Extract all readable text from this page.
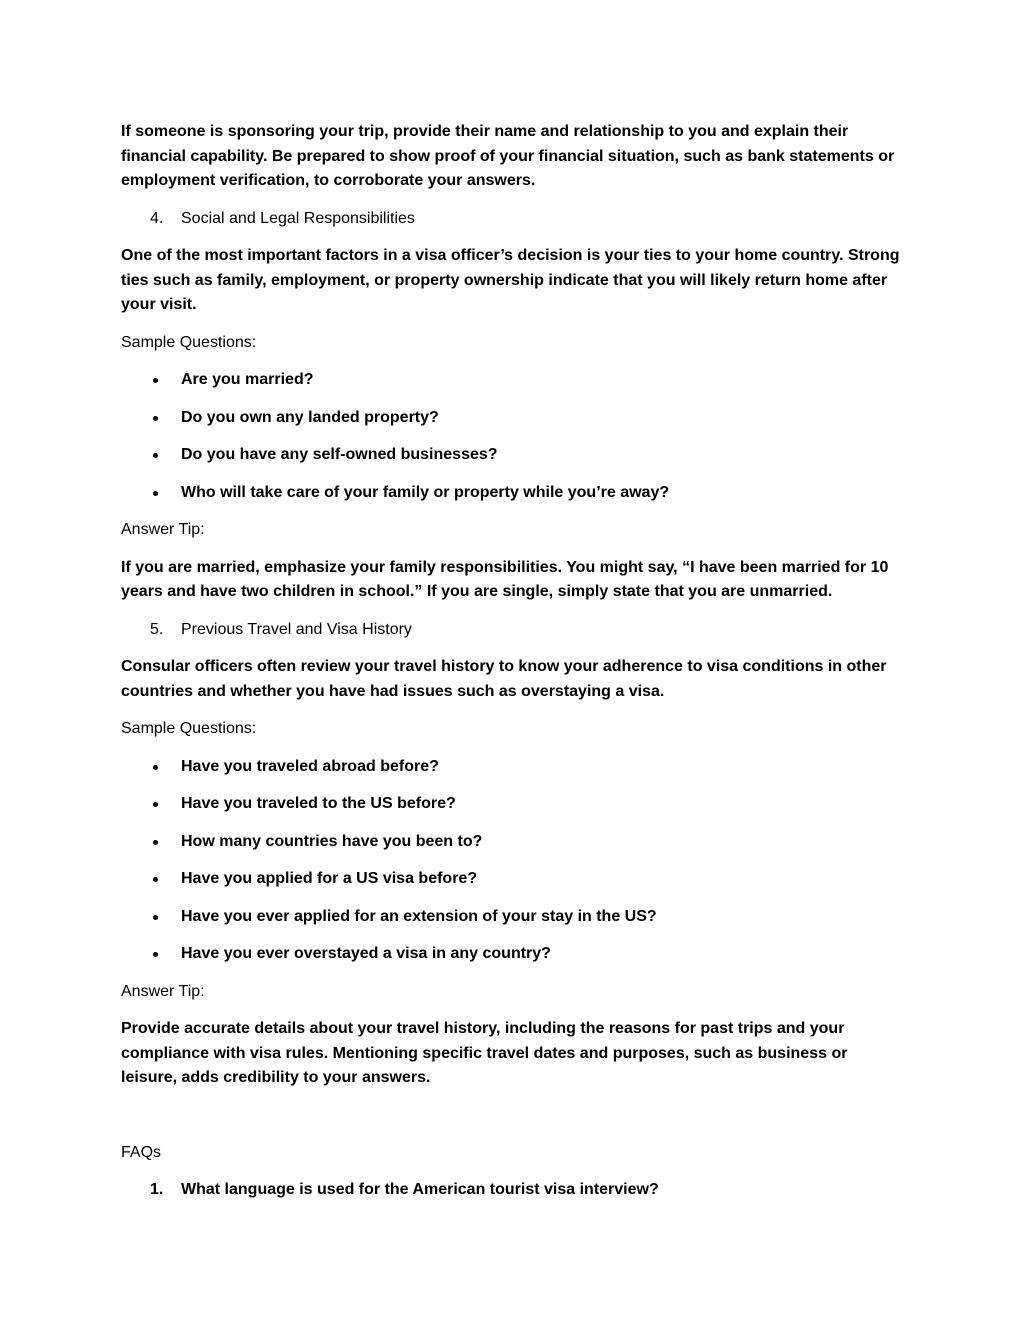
If someone is sponsoring your trip, provide their name and relationship to you and explain their financial capability. Be prepared to show proof of your financial situation, such as bank statements or employment verification, to corroborate your answers.

4. Social and Legal Responsibilities

One of the most important factors in a visa officer’s decision is your ties to your home country. Strong ties such as family, employment, or property ownership indicate that you will likely return home after your visit.

Sample Questions:
Are you married?
Do you own any landed property?
Do you have any self-owned businesses?
Who will take care of your family or property while you’re away?
Answer Tip:

If you are married, emphasize your family responsibilities. You might say, “I have been married for 10 years and have two children in school.” If you are single, simply state that you are unmarried.

5. Previous Travel and Visa History

Consular officers often review your travel history to know your adherence to visa conditions in other countries and whether you have had issues such as overstaying a visa.

Sample Questions:
Have you traveled abroad before?
Have you traveled to the US before?
How many countries have you been to?
Have you applied for a US visa before?
Have you ever applied for an extension of your stay in the US?
Have you ever overstayed a visa in any country?
Answer Tip:

Provide accurate details about your travel history, including the reasons for past trips and your compliance with visa rules. Mentioning specific travel dates and purposes, such as business or leisure, adds credibility to your answers.

FAQs
1. What language is used for the American tourist visa interview?
